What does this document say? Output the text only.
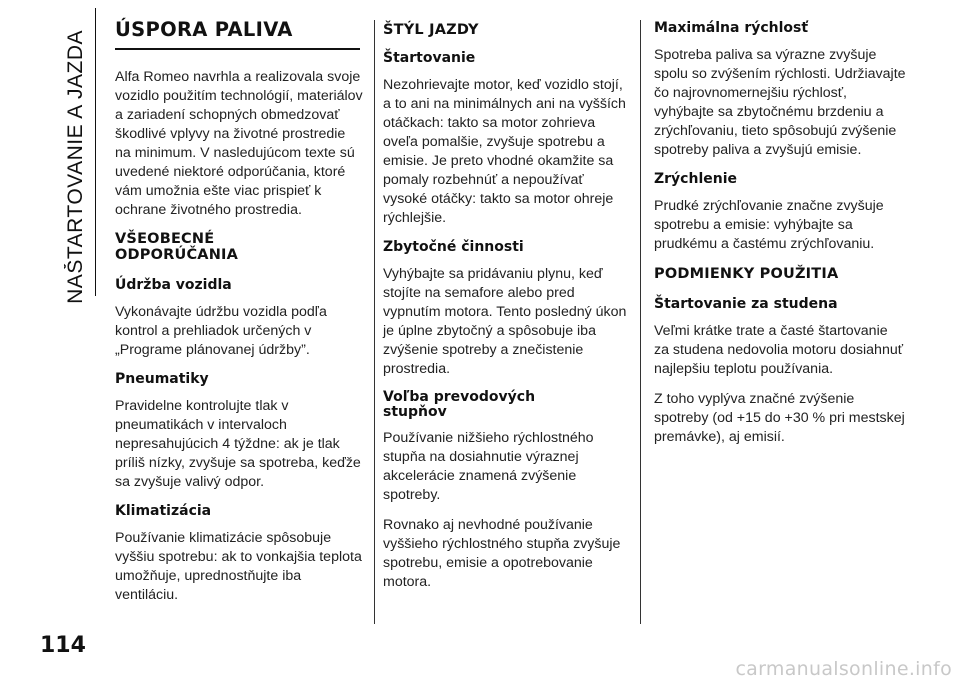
NAŠTARTOVANIE A JAZDA
114
ÚSPORA PALIVA

Alfa Romeo navrhla a realizovala svoje vozidlo použitím technológií, materiálov a zariadení schopných obmedzovať škodlivé vplyvy na životné prostredie na minimum. V nasledujúcom texte sú uvedené niektoré odporúčania, ktoré vám umožnia ešte viac prispieť k ochrane životného prostredia.

VŠEOBECNÉ ODPORÚČANIA
Údržba vozidla

Vykonávajte údržbu vozidla podľa kontrol a prehliadok určených v „Programe plánovanej údržby”.

Pneumatiky

Pravidelne kontrolujte tlak v pneumatikách v intervaloch nepresahujúcich 4 týždne: ak je tlak príliš nízky, zvyšuje sa spotreba, keďže sa zvyšuje valivý odpor.

Klimatizácia

Používanie klimatizácie spôsobuje vyššiu spotrebu: ak to vonkajšia teplota umožňuje, uprednostňujte iba ventiláciu.

ŠTÝL JAZDY
Štartovanie

Nezohrievajte motor, keď vozidlo stojí, a to ani na minimálnych ani na vyšších otáčkach: takto sa motor zohrieva oveľa pomalšie, zvyšuje spotrebu a emisie. Je preto vhodné okamžite sa pomaly rozbehnúť a nepoužívať vysoké otáčky: takto sa motor ohreje rýchlejšie.

Zbytočné činnosti

Vyhýbajte sa pridávaniu plynu, keď stojíte na semafore alebo pred vypnutím motora. Tento posledný úkon je úplne zbytočný a spôsobuje iba zvýšenie spotreby a znečistenie prostredia.

Voľba prevodových stupňov

Používanie nižšieho rýchlostného stupňa na dosiahnutie výraznej akcelerácie znamená zvýšenie spotreby.

Rovnako aj nevhodné používanie vyššieho rýchlostného stupňa zvyšuje spotrebu, emisie a opotrebovanie motora.

Maximálna rýchlosť

Spotreba paliva sa výrazne zvyšuje spolu so zvýšením rýchlosti. Udržiavajte čo najrovnomernejšiu rýchlosť, vyhýbajte sa zbytočnému brzdeniu a zrýchľovaniu, tieto spôsobujú zvýšenie spotreby paliva a zvyšujú emisie.

Zrýchlenie

Prudké zrýchľovanie značne zvyšuje spotrebu a emisie: vyhýbajte sa prudkému a častému zrýchľovaniu.

PODMIENKY POUŽITIA
Štartovanie za studena

Veľmi krátke trate a časté štartovanie za studena nedovolia motoru dosiahnuť najlepšiu teplotu používania.

Z toho vyplýva značné zvýšenie spotreby (od +15 do +30 % pri mestskej premávke), aj emisií.

carmanualsonline.info
